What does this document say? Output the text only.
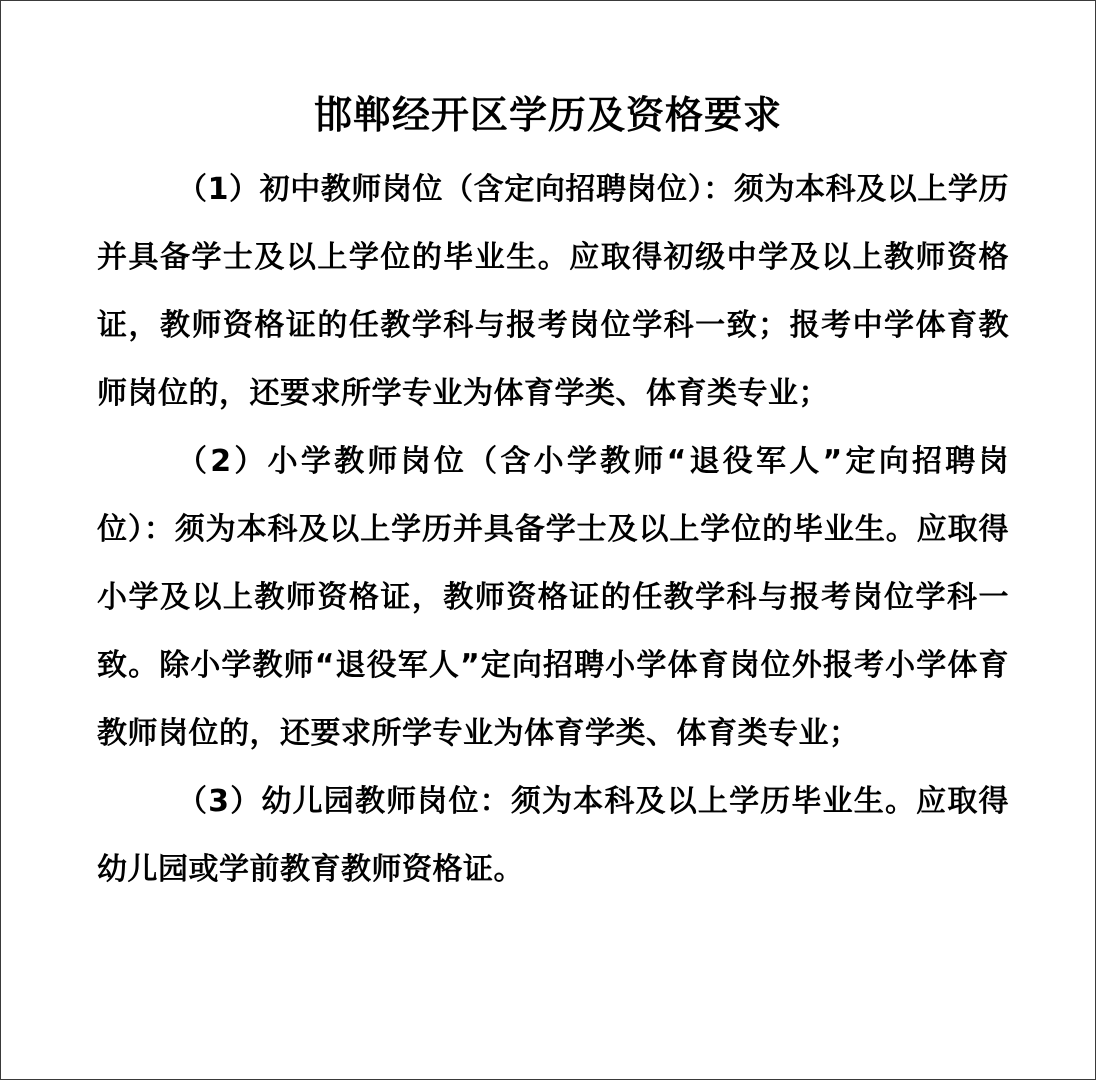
邯郸经开区学历及资格要求

（1）初中教师岗位（含定向招聘岗位）：须为本科及以上学历并具备学士及以上学位的毕业生。应取得初级中学及以上教师资格证，教师资格证的任教学科与报考岗位学科一致；报考中学体育教师岗位的，还要求所学专业为体育学类、体育类专业；

（2）小学教师岗位（含小学教师“退役军人”定向招聘岗位）：须为本科及以上学历并具备学士及以上学位的毕业生。应取得小学及以上教师资格证，教师资格证的任教学科与报考岗位学科一致。除小学教师“退役军人”定向招聘小学体育岗位外报考小学体育教师岗位的，还要求所学专业为体育学类、体育类专业；

（3）幼儿园教师岗位：须为本科及以上学历毕业生。应取得幼儿园或学前教育教师资格证。
